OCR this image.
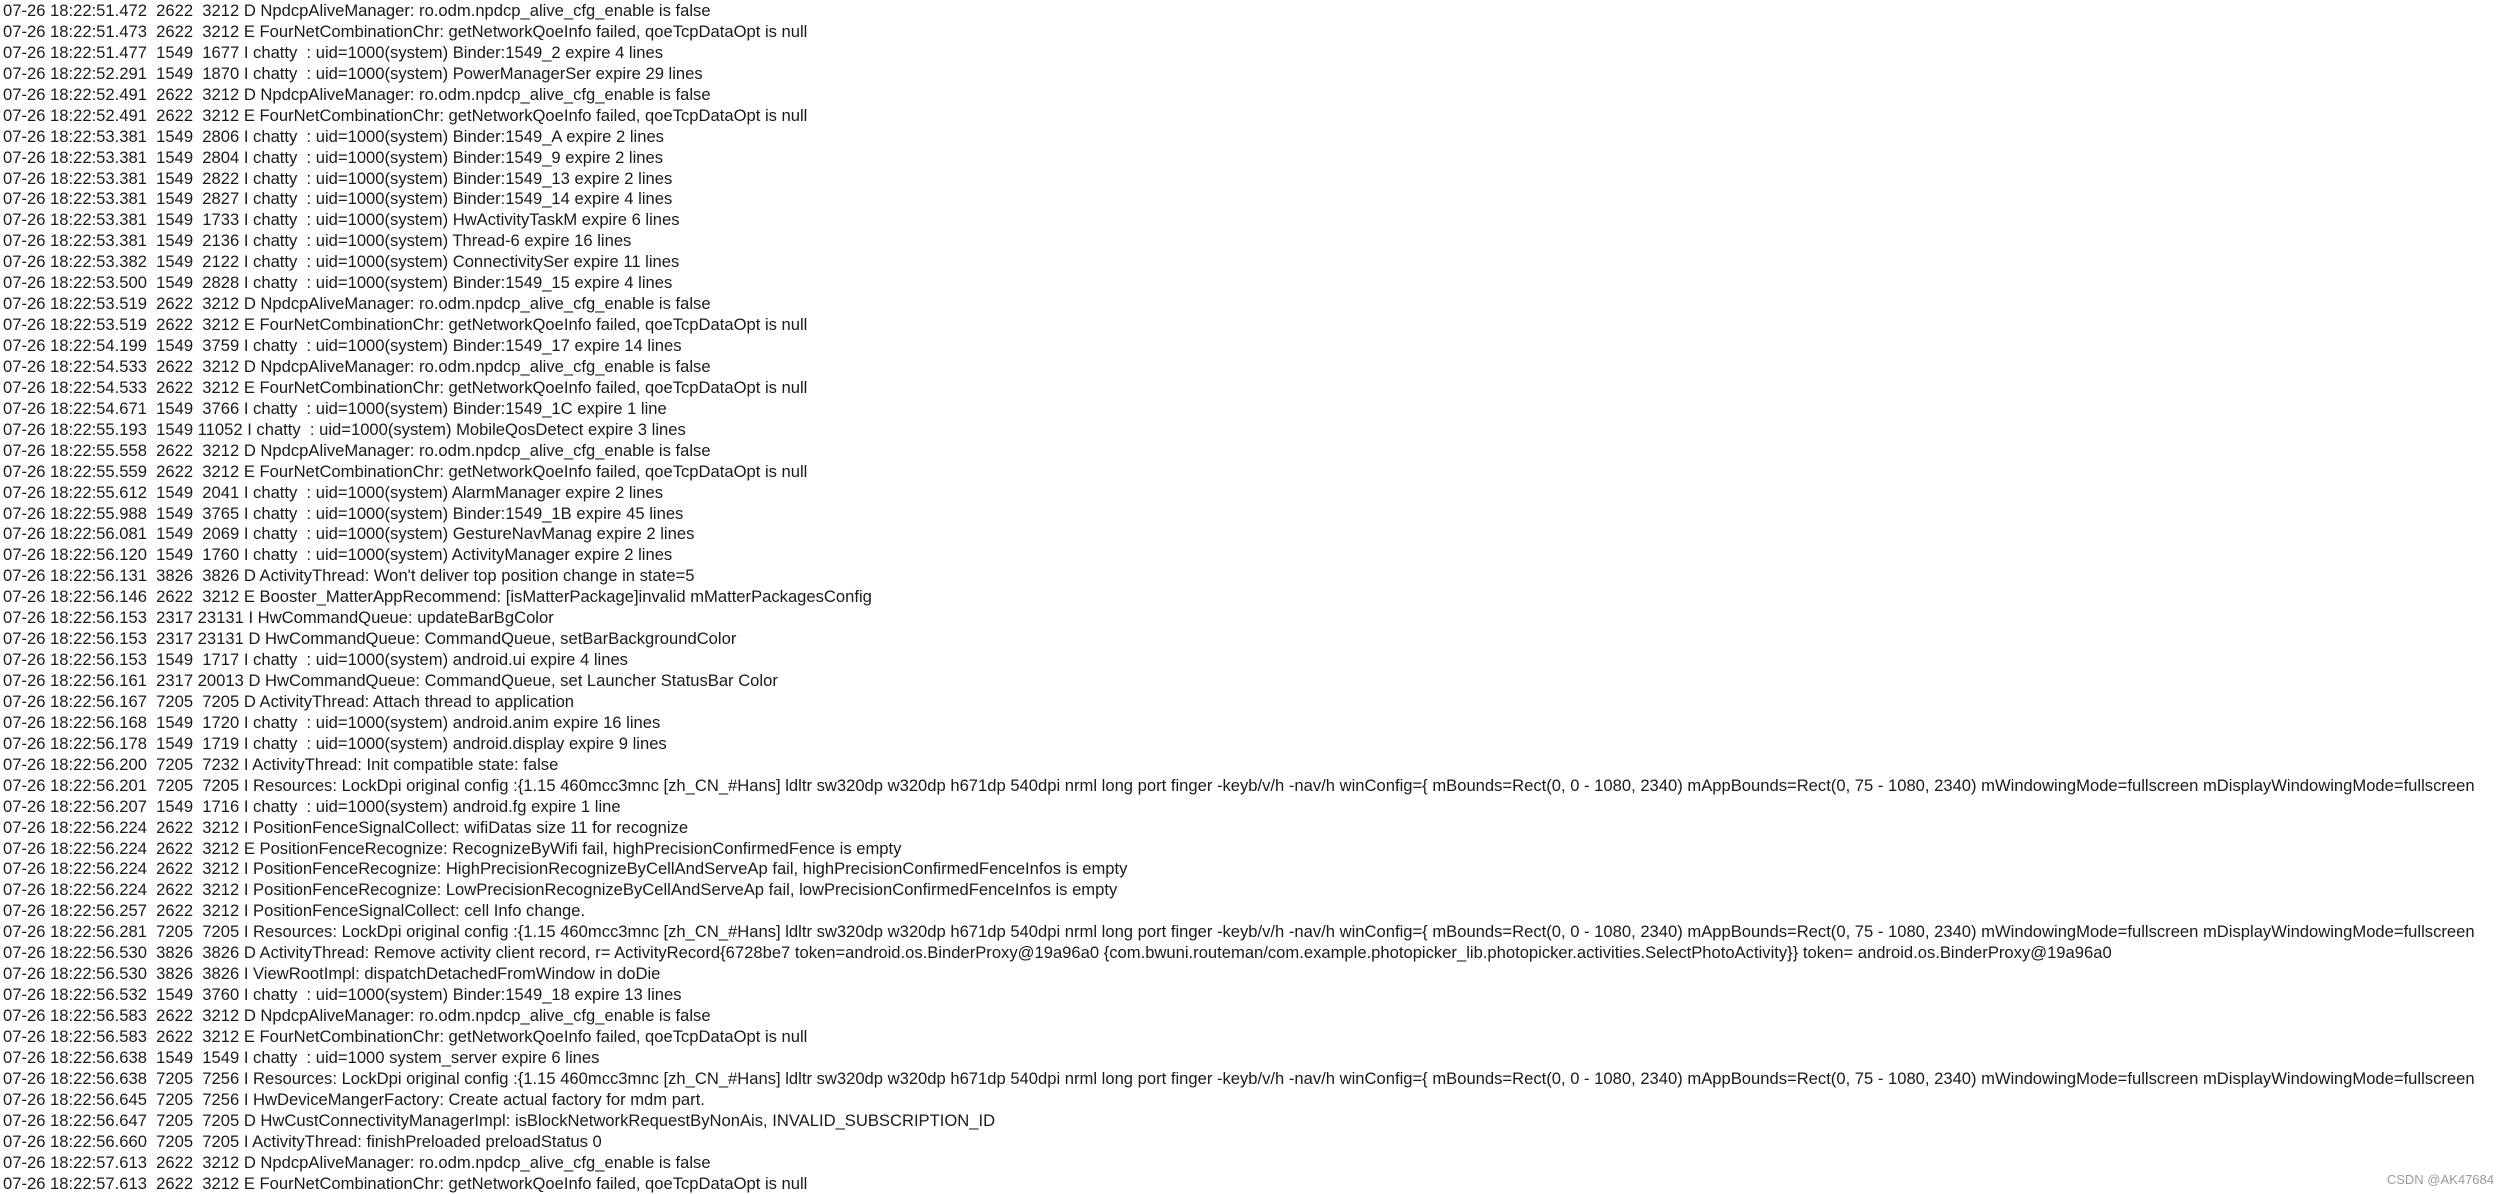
07-26 18:22:51.472  2622  3212 D NpdcpAliveManager: ro.odm.npdcp_alive_cfg_enable is false
07-26 18:22:51.473  2622  3212 E FourNetCombinationChr: getNetworkQoeInfo failed, qoeTcpDataOpt is null
07-26 18:22:51.477  1549  1677 I chatty  : uid=1000(system) Binder:1549_2 expire 4 lines
07-26 18:22:52.291  1549  1870 I chatty  : uid=1000(system) PowerManagerSer expire 29 lines
07-26 18:22:52.491  2622  3212 D NpdcpAliveManager: ro.odm.npdcp_alive_cfg_enable is false
07-26 18:22:52.491  2622  3212 E FourNetCombinationChr: getNetworkQoeInfo failed, qoeTcpDataOpt is null
07-26 18:22:53.381  1549  2806 I chatty  : uid=1000(system) Binder:1549_A expire 2 lines
07-26 18:22:53.381  1549  2804 I chatty  : uid=1000(system) Binder:1549_9 expire 2 lines
07-26 18:22:53.381  1549  2822 I chatty  : uid=1000(system) Binder:1549_13 expire 2 lines
07-26 18:22:53.381  1549  2827 I chatty  : uid=1000(system) Binder:1549_14 expire 4 lines
07-26 18:22:53.381  1549  1733 I chatty  : uid=1000(system) HwActivityTaskM expire 6 lines
07-26 18:22:53.381  1549  2136 I chatty  : uid=1000(system) Thread-6 expire 16 lines
07-26 18:22:53.382  1549  2122 I chatty  : uid=1000(system) ConnectivitySer expire 11 lines
07-26 18:22:53.500  1549  2828 I chatty  : uid=1000(system) Binder:1549_15 expire 4 lines
07-26 18:22:53.519  2622  3212 D NpdcpAliveManager: ro.odm.npdcp_alive_cfg_enable is false
07-26 18:22:53.519  2622  3212 E FourNetCombinationChr: getNetworkQoeInfo failed, qoeTcpDataOpt is null
07-26 18:22:54.199  1549  3759 I chatty  : uid=1000(system) Binder:1549_17 expire 14 lines
07-26 18:22:54.533  2622  3212 D NpdcpAliveManager: ro.odm.npdcp_alive_cfg_enable is false
07-26 18:22:54.533  2622  3212 E FourNetCombinationChr: getNetworkQoeInfo failed, qoeTcpDataOpt is null
07-26 18:22:54.671  1549  3766 I chatty  : uid=1000(system) Binder:1549_1C expire 1 line
07-26 18:22:55.193  1549 11052 I chatty  : uid=1000(system) MobileQosDetect expire 3 lines
07-26 18:22:55.558  2622  3212 D NpdcpAliveManager: ro.odm.npdcp_alive_cfg_enable is false
07-26 18:22:55.559  2622  3212 E FourNetCombinationChr: getNetworkQoeInfo failed, qoeTcpDataOpt is null
07-26 18:22:55.612  1549  2041 I chatty  : uid=1000(system) AlarmManager expire 2 lines
07-26 18:22:55.988  1549  3765 I chatty  : uid=1000(system) Binder:1549_1B expire 45 lines
07-26 18:22:56.081  1549  2069 I chatty  : uid=1000(system) GestureNavManag expire 2 lines
07-26 18:22:56.120  1549  1760 I chatty  : uid=1000(system) ActivityManager expire 2 lines
07-26 18:22:56.131  3826  3826 D ActivityThread: Won't deliver top position change in state=5
07-26 18:22:56.146  2622  3212 E Booster_MatterAppRecommend: [isMatterPackage]invalid mMatterPackagesConfig
07-26 18:22:56.153  2317 23131 I HwCommandQueue: updateBarBgColor
07-26 18:22:56.153  2317 23131 D HwCommandQueue: CommandQueue, setBarBackgroundColor
07-26 18:22:56.153  1549  1717 I chatty  : uid=1000(system) android.ui expire 4 lines
07-26 18:22:56.161  2317 20013 D HwCommandQueue: CommandQueue, set Launcher StatusBar Color
07-26 18:22:56.167  7205  7205 D ActivityThread: Attach thread to application
07-26 18:22:56.168  1549  1720 I chatty  : uid=1000(system) android.anim expire 16 lines
07-26 18:22:56.178  1549  1719 I chatty  : uid=1000(system) android.display expire 9 lines
07-26 18:22:56.200  7205  7232 I ActivityThread: Init compatible state: false
07-26 18:22:56.201  7205  7205 I Resources: LockDpi original config :{1.15 460mcc3mnc [zh_CN_#Hans] ldltr sw320dp w320dp h671dp 540dpi nrml long port finger -keyb/v/h -nav/h winConfig={ mBounds=Rect(0, 0 - 1080, 2340) mAppBounds=Rect(0, 75 - 1080, 2340) mWindowingMode=fullscreen mDisplayWindowingMode=fullscreen
07-26 18:22:56.207  1549  1716 I chatty  : uid=1000(system) android.fg expire 1 line
07-26 18:22:56.224  2622  3212 I PositionFenceSignalCollect: wifiDatas size 11 for recognize
07-26 18:22:56.224  2622  3212 E PositionFenceRecognize: RecognizeByWifi fail, highPrecisionConfirmedFence is empty
07-26 18:22:56.224  2622  3212 I PositionFenceRecognize: HighPrecisionRecognizeByCellAndServeAp fail, highPrecisionConfirmedFenceInfos is empty
07-26 18:22:56.224  2622  3212 I PositionFenceRecognize: LowPrecisionRecognizeByCellAndServeAp fail, lowPrecisionConfirmedFenceInfos is empty
07-26 18:22:56.257  2622  3212 I PositionFenceSignalCollect: cell Info change.
07-26 18:22:56.281  7205  7205 I Resources: LockDpi original config :{1.15 460mcc3mnc [zh_CN_#Hans] ldltr sw320dp w320dp h671dp 540dpi nrml long port finger -keyb/v/h -nav/h winConfig={ mBounds=Rect(0, 0 - 1080, 2340) mAppBounds=Rect(0, 75 - 1080, 2340) mWindowingMode=fullscreen mDisplayWindowingMode=fullscreen
07-26 18:22:56.530  3826  3826 D ActivityThread: Remove activity client record, r= ActivityRecord{6728be7 token=android.os.BinderProxy@19a96a0 {com.bwuni.routeman/com.example.photopicker_lib.photopicker.activities.SelectPhotoActivity}} token= android.os.BinderProxy@19a96a0
07-26 18:22:56.530  3826  3826 I ViewRootImpl: dispatchDetachedFromWindow in doDie
07-26 18:22:56.532  1549  3760 I chatty  : uid=1000(system) Binder:1549_18 expire 13 lines
07-26 18:22:56.583  2622  3212 D NpdcpAliveManager: ro.odm.npdcp_alive_cfg_enable is false
07-26 18:22:56.583  2622  3212 E FourNetCombinationChr: getNetworkQoeInfo failed, qoeTcpDataOpt is null
07-26 18:22:56.638  1549  1549 I chatty  : uid=1000 system_server expire 6 lines
07-26 18:22:56.638  7205  7256 I Resources: LockDpi original config :{1.15 460mcc3mnc [zh_CN_#Hans] ldltr sw320dp w320dp h671dp 540dpi nrml long port finger -keyb/v/h -nav/h winConfig={ mBounds=Rect(0, 0 - 1080, 2340) mAppBounds=Rect(0, 75 - 1080, 2340) mWindowingMode=fullscreen mDisplayWindowingMode=fullscreen
07-26 18:22:56.645  7205  7256 I HwDeviceMangerFactory: Create actual factory for mdm part.
07-26 18:22:56.647  7205  7205 D HwCustConnectivityManagerImpl: isBlockNetworkRequestByNonAis, INVALID_SUBSCRIPTION_ID
07-26 18:22:56.660  7205  7205 I ActivityThread: finishPreloaded preloadStatus 0
07-26 18:22:57.613  2622  3212 D NpdcpAliveManager: ro.odm.npdcp_alive_cfg_enable is false
07-26 18:22:57.613  2622  3212 E FourNetCombinationChr: getNetworkQoeInfo failed, qoeTcpDataOpt is null	CSDN @AK47684
